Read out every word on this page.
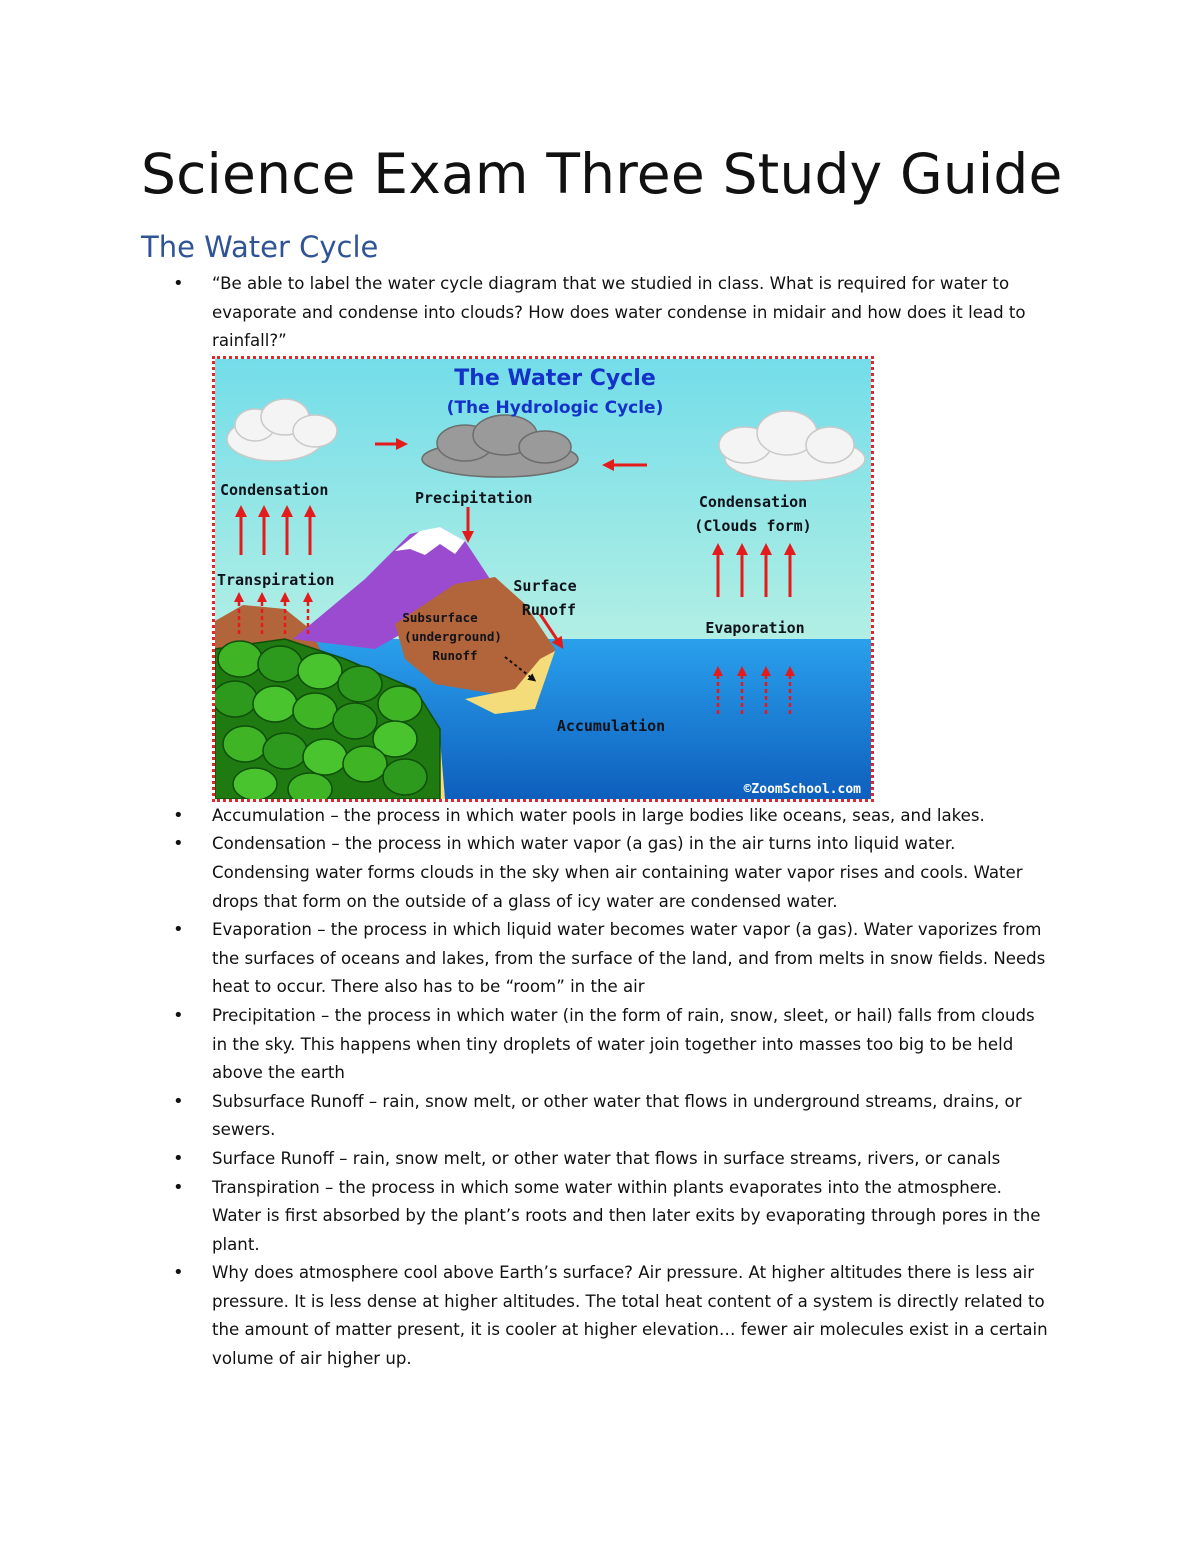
Science Exam Three Study Guide
The Water Cycle
• “Be able to label the water cycle diagram that we studied in class. What is required for water to evaporate and condense into clouds? How does water condense in midair and how does it lead to rainfall?”
The Water Cycle
(The Hydrologic Cycle)
Condensation	Precipitation	Condensation
(Clouds form)
Transpiration	Surface
Runoff
Subsurface
(underground)
Runoff
Evaporation
Accumulation
©ZoomSchool.com
• Accumulation – the process in which water pools in large bodies like oceans, seas, and lakes.
• Condensation – the process in which water vapor (a gas) in the air turns into liquid water. Condensing water forms clouds in the sky when air containing water vapor rises and cools. Water drops that form on the outside of a glass of icy water are condensed water.
• Evaporation – the process in which liquid water becomes water vapor (a gas). Water vaporizes from the surfaces of oceans and lakes, from the surface of the land, and from melts in snow fields. Needs heat to occur. There also has to be “room” in the air
• Precipitation – the process in which water (in the form of rain, snow, sleet, or hail) falls from clouds in the sky. This happens when tiny droplets of water join together into masses too big to be held above the earth
• Subsurface Runoff – rain, snow melt, or other water that flows in underground streams, drains, or sewers.
• Surface Runoff – rain, snow melt, or other water that flows in surface streams, rivers, or canals
• Transpiration – the process in which some water within plants evaporates into the atmosphere. Water is first absorbed by the plant’s roots and then later exits by evaporating through pores in the plant.
• Why does atmosphere cool above Earth’s surface? Air pressure. At higher altitudes there is less air pressure. It is less dense at higher altitudes. The total heat content of a system is directly related to the amount of matter present, it is cooler at higher elevation… fewer air molecules exist in a certain volume of air higher up.
